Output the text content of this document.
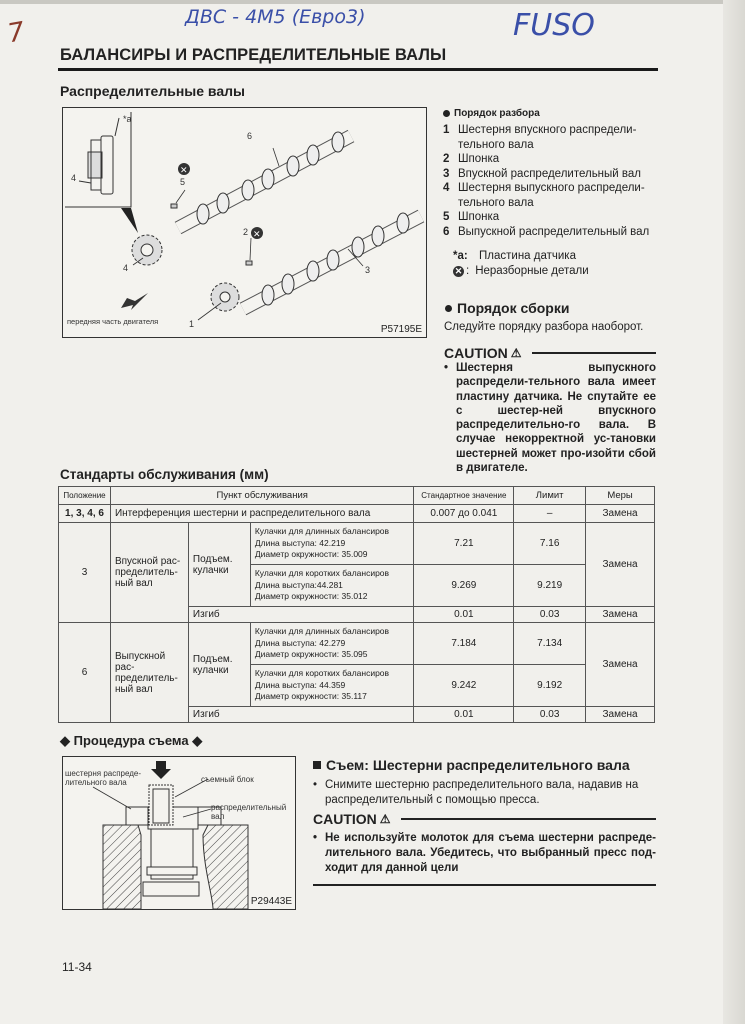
ДВС - 4М5 (Евро3)	FUSO
7
БАЛАНСИРЫ И РАСПРЕДЕЛИТЕЛЬНЫЕ ВАЛЫ
Распределительные валы
✕
✕
*a
4	5
6
2
4	3
1
передняя часть двигателя
P57195E
Порядок разбора
1 Шестерня впускного распредели-тельного вала
2 Шпонка
3 Впускной распределительный вал
4 Шестерня выпускного распредели-тельного вала
5 Шпонка
6 Выпускной распределительный вал
*a: Пластина датчика
✕ : Неразборные детали
Порядок сборки
Следуйте порядку разбора наоборот.
CAUTION ⚠
• Шестерня выпускного распредели-тельного вала имеет пластину датчика. Не спутайте ее с шестер-ней впускного распределительно-го вала. В случае некорректной ус-тановки шестерней может про-изойти сбой в двигателе.
Стандарты обслуживания (мм)
Положение	Пункт обслуживания			Стандартное значение	Лимит	Меры
1, 3, 4, 6	Интерференция шестерни и распределительного вала			0.007 до 0.041	–	Замена
3	Впускной рас-пределитель-ный вал	Подъем. кулачки	Кулачки для длинных балансиров
Длина выступа: 42.219
Диаметр окружности: 35.009	7.21	7.16	Замена

			Кулачки для коротких балансиров
Длина выступа:44.281
Диаметр окружности: 35.012	9.269	9.219	
		Изгиб		0.01	0.03	Замена
6	Выпускной рас-пределитель-ный вал	Подъем. кулачки	Кулачки для длинных балансиров
Длина выступа: 42.279
Диаметр окружности: 35.095	7.184	7.134	Замена

			Кулачки для коротких балансиров
Длина выступа: 44.359
Диаметр окружности: 35.117	9.242	9.192	
		Изгиб		0.01	0.03	Замена
◆ Процедура съема ◆
шестерня распреде-лительного вала	съемный блок
распределительный вал
P29443E
Съем: Шестерни распределительного вала
• Снимите шестерню распределительного вала, надавив на распределительный с помощью пресса.
CAUTION ⚠
• Не используйте молоток для съема шестерни распреде-лительного вала. Убедитесь, что выбранный пресс под-ходит для данной цели
11-34
